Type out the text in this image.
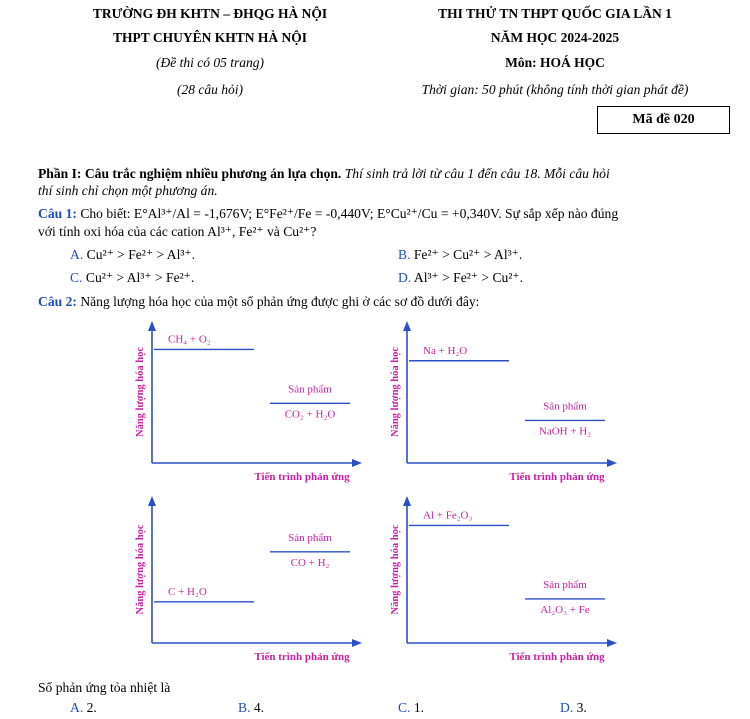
TRƯỜNG ĐH KHTN – ĐHQG HÀ NỘI
THPT CHUYÊN KHTN HÀ NỘI
(Đề thi có 05 trang)
(28 câu hỏi)
THI THỬ TN THPT QUỐC GIA LẦN 1
NĂM HỌC 2024-2025
Môn: HOÁ HỌC
Thời gian: 50 phút (không tính thời gian phát đề)
Mã đề 020
Phần I: Câu trắc nghiệm nhiều phương án lựa chọn. Thí sinh trả lời từ câu 1 đến câu 18. Mỗi câu hỏi
thí sinh chỉ chọn một phương án.
Câu 1: Cho biết: E°Al³⁺/Al = -1,676V; E°Fe²⁺/Fe = -0,440V; E°Cu²⁺/Cu = +0,340V. Sự sắp xếp nào đúng
với tính oxi hóa của các cation Al³⁺, Fe²⁺ và Cu²⁺?
A. Cu²⁺ > Fe²⁺ > Al³⁺.	B. Fe²⁺ > Cu²⁺ > Al³⁺.
C. Cu²⁺ > Al³⁺ > Fe²⁺.	D. Al³⁺ > Fe²⁺ > Cu²⁺.
Câu 2: Năng lượng hóa học của một số phản ứng được ghi ở các sơ đồ dưới đây:
Năng lượng hóa học
Tiến trình phản ứng
CH₄ + O₂
Sản phẩm
CO₂ + H₂O	Năng lượng hóa học
Tiến trình phản ứng
Na + H₂O
Sản phẩm
NaOH + H₂
Năng lượng hóa học
Tiến trình phản ứng
C + H₂O
Sản phẩm
CO + H₂	Năng lượng hóa học
Tiến trình phản ứng
Al + Fe₂O₃
Sản phẩm
Al₂O₃ + Fe
Số phản ứng tỏa nhiệt là
A. 2.	B. 4.	C. 1.	D. 3.
